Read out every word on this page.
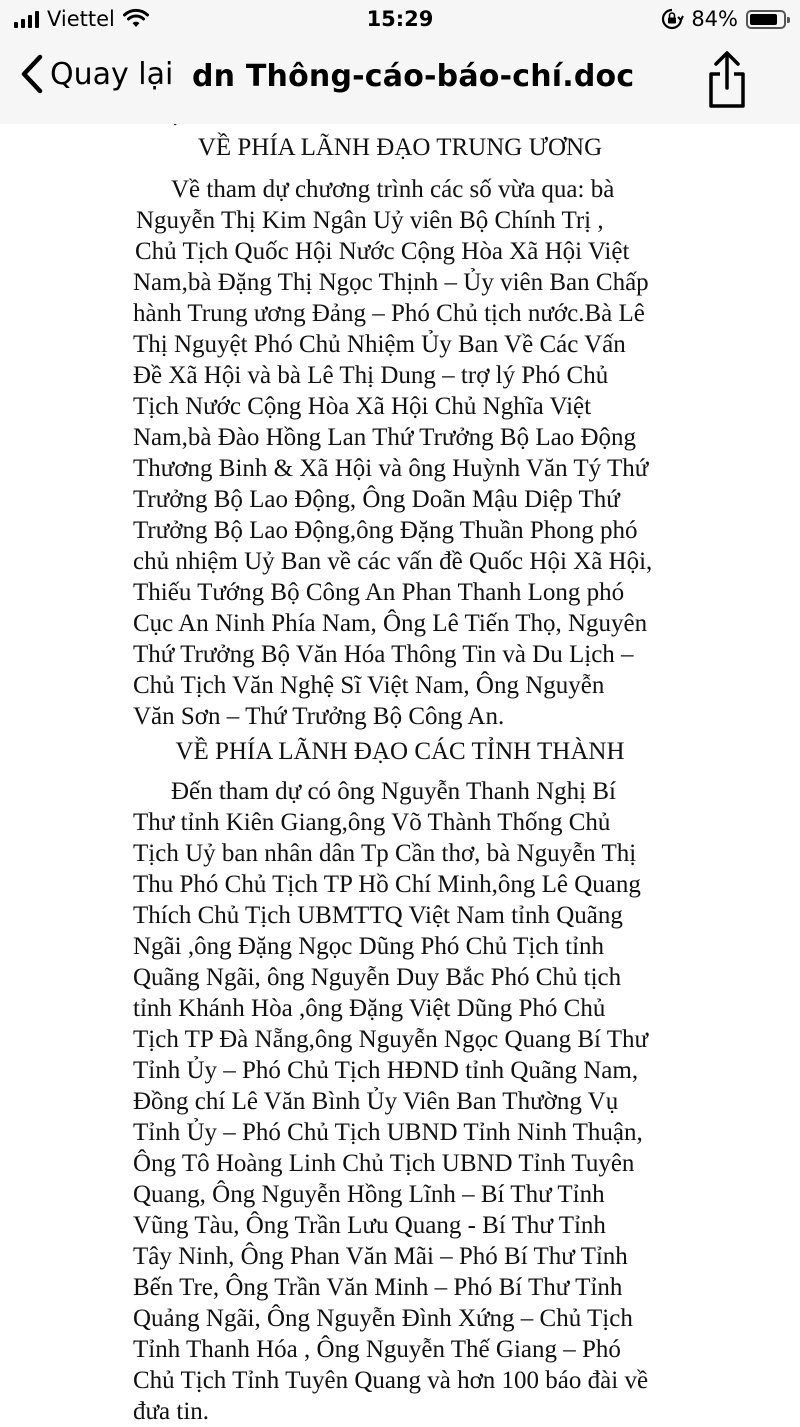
Viettel	15:29	84%
Quay lại dn Thông-cáo-báo-chí.doc
VỀ PHÍA LÃNH ĐẠO TRUNG ƯƠNG
Về tham dự chương trình các số vừa qua: bà
Nguyễn Thị Kim Ngân Uỷ viên Bộ Chính Trị ,
Chủ Tịch Quốc Hội Nước Cộng Hòa Xã Hội Việt
Nam,bà Đặng Thị Ngọc Thịnh – Ủy viên Ban Chấp
hành Trung ương Đảng – Phó Chủ tịch nước.Bà Lê
Thị Nguyệt Phó Chủ Nhiệm Ủy Ban Về Các Vấn
Đề Xã Hội và bà Lê Thị Dung – trợ lý Phó Chủ
Tịch Nước Cộng Hòa Xã Hội Chủ Nghĩa Việt
Nam,bà Đào Hồng Lan Thứ Trưởng Bộ Lao Động
Thương Binh & Xã Hội và ông Huỳnh Văn Tý Thứ
Trưởng Bộ Lao Động, Ông Doãn Mậu Diệp Thứ
Trưởng Bộ Lao Động,ông Đặng Thuần Phong phó
chủ nhiệm Uỷ Ban về các vấn đề Quốc Hội Xã Hội,
Thiếu Tướng Bộ Công An Phan Thanh Long phó
Cục An Ninh Phía Nam, Ông Lê Tiến Thọ, Nguyên
Thứ Trưởng Bộ Văn Hóa Thông Tin và Du Lịch –
Chủ Tịch Văn Nghệ Sĩ Việt Nam, Ông Nguyễn
Văn Sơn – Thứ Trưởng Bộ Công An.
VỀ PHÍA LÃNH ĐẠO CÁC TỈNH THÀNH
Đến tham dự có ông Nguyễn Thanh Nghị Bí
Thư tỉnh Kiên Giang,ông Võ Thành Thống Chủ
Tịch Uỷ ban nhân dân Tp Cần thơ, bà Nguyễn Thị
Thu Phó Chủ Tịch TP Hồ Chí Minh,ông Lê Quang
Thích Chủ Tịch UBMTTQ Việt Nam tỉnh Quãng
Ngãi ,ông Đặng Ngọc Dũng Phó Chủ Tịch tỉnh
Quãng Ngãi, ông Nguyễn Duy Bắc Phó Chủ tịch
tỉnh Khánh Hòa ,ông Đặng Việt Dũng Phó Chủ
Tịch TP Đà Nẵng,ông Nguyễn Ngọc Quang Bí Thư
Tỉnh Ủy – Phó Chủ Tịch HĐND tỉnh Quãng Nam,
Đồng chí Lê Văn Bình Ủy Viên Ban Thường Vụ
Tỉnh Ủy – Phó Chủ Tịch UBND Tỉnh Ninh Thuận,
Ông Tô Hoàng Linh Chủ Tịch UBND Tỉnh Tuyên
Quang, Ông Nguyễn Hồng Lĩnh – Bí Thư Tỉnh
Vũng Tàu, Ông Trần Lưu Quang - Bí Thư Tỉnh
Tây Ninh, Ông Phan Văn Mãi – Phó Bí Thư Tỉnh
Bến Tre, Ông Trần Văn Minh – Phó Bí Thư Tỉnh
Quảng Ngãi, Ông Nguyễn Đình Xứng – Chủ Tịch
Tỉnh Thanh Hóa , Ông Nguyễn Thế Giang – Phó
Chủ Tịch Tỉnh Tuyên Quang và hơn 100 báo đài về
đưa tin.
